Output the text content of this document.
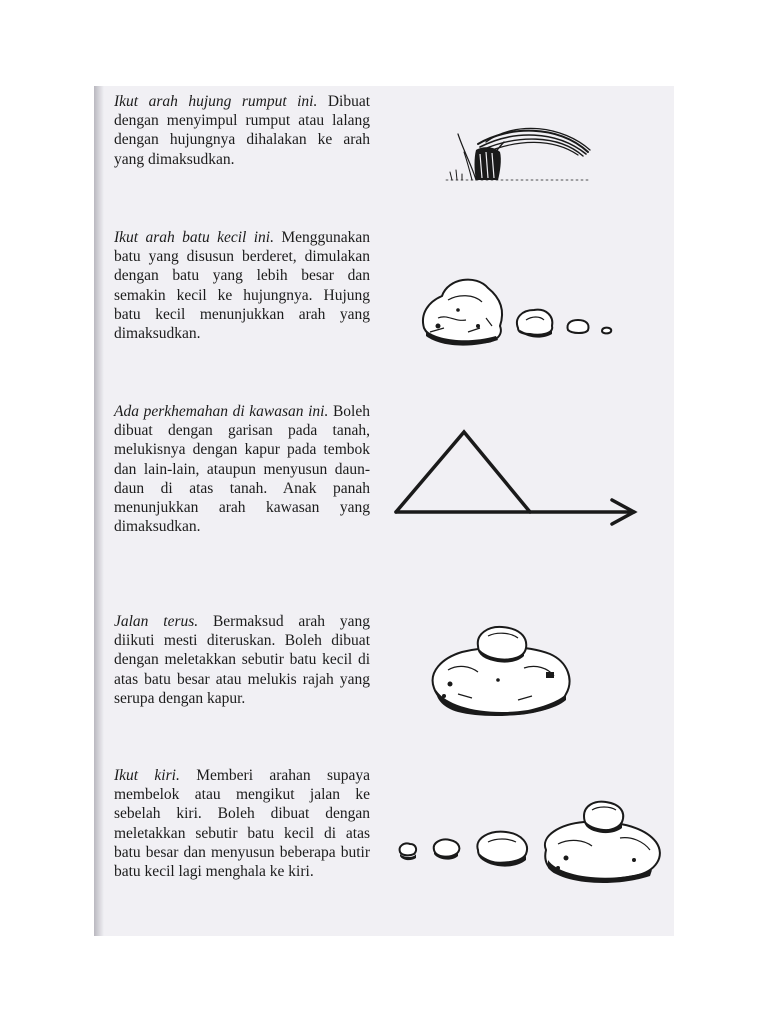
Ikut arah hujung rumput ini. Dibuat dengan menyimpul rumput atau lalang dengan hujungnya dihalakan ke arah yang dimaksudkan.

Ikut arah batu kecil ini. Menggunakan batu yang disusun berderet, dimulakan dengan batu yang lebih besar dan semakin kecil ke hujungnya. Hujung batu kecil menunjukkan arah yang dimaksudkan.

Ada perkhemahan di kawasan ini. Boleh dibuat dengan garisan pada tanah, melukisnya dengan kapur pada tembok dan lain-lain, ataupun menyusun daun-daun di atas tanah. Anak panah menunjukkan arah kawasan yang dimaksudkan.

Jalan terus. Bermaksud arah yang diikuti mesti diteruskan. Boleh dibuat dengan meletakkan sebutir batu kecil di atas batu besar atau melukis rajah yang serupa dengan kapur.

Ikut kiri. Memberi arahan supaya membelok atau mengikut jalan ke sebelah kiri. Boleh dibuat dengan meletakkan sebutir batu kecil di atas batu besar dan menyusun beberapa butir batu kecil lagi menghala ke kiri.
